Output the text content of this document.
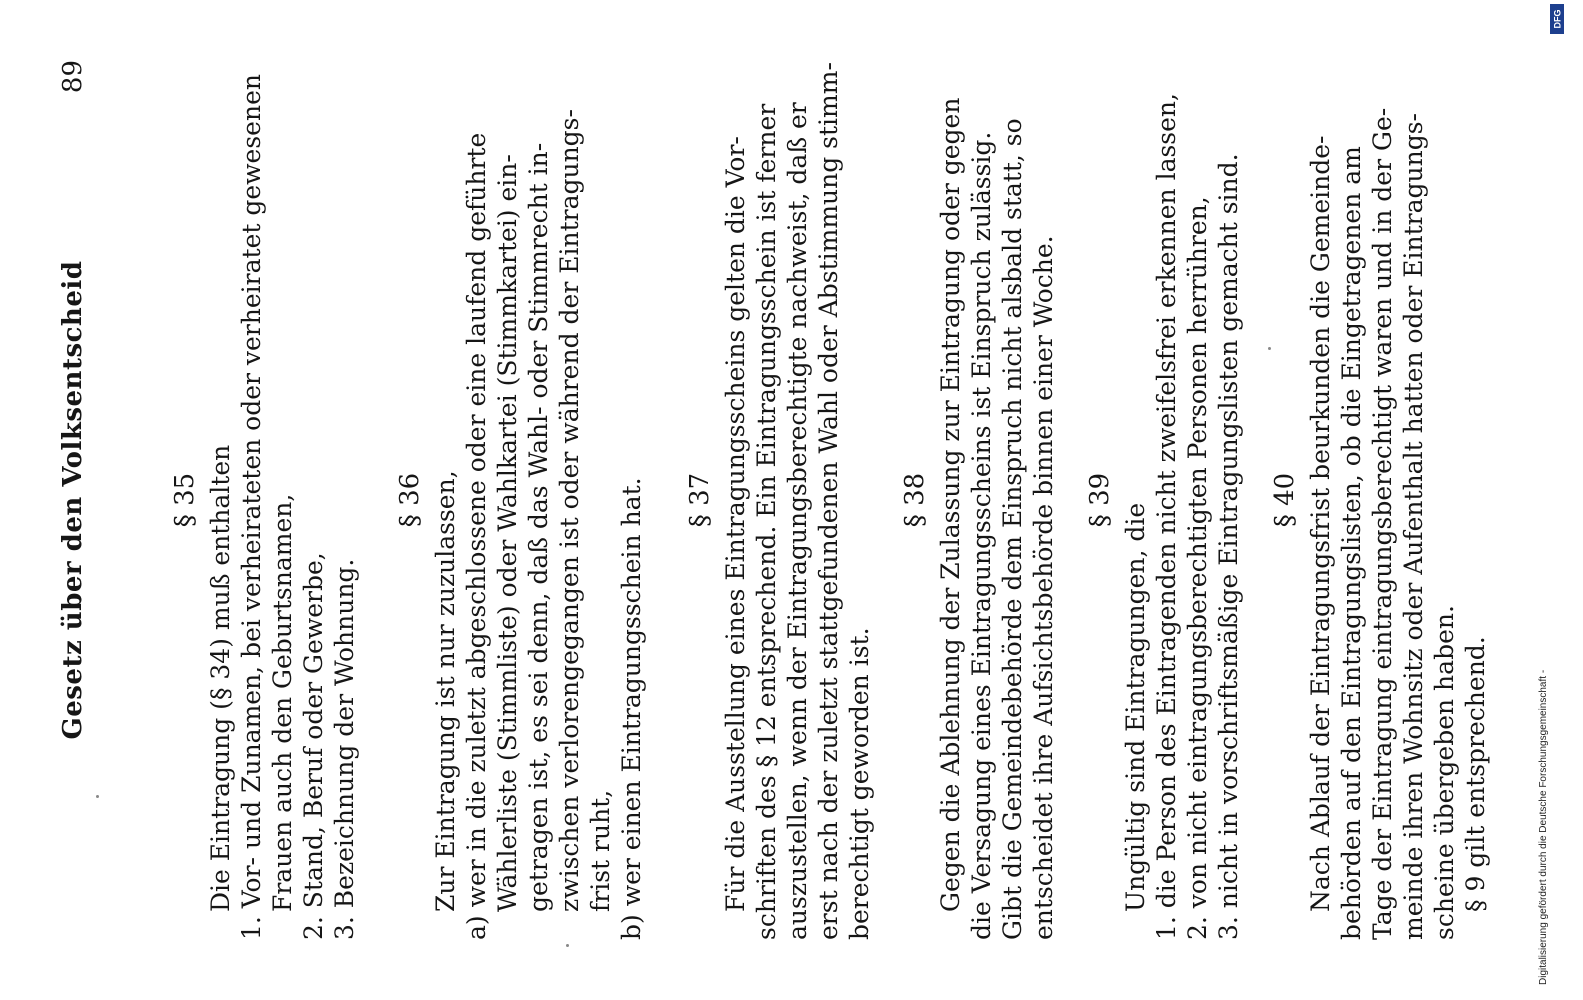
Gesetz über den Volksentscheid
89
§ 35 Die Eintragung (§ 34) muß enthalten 1. Vor- und Zunamen, bei verheirateten oder verheiratet gewesenen Frauen auch den Geburtsnamen, 2. Stand, Beruf oder Gewerbe, 3. Bezeichnung der Wohnung.
§ 36 Zur Eintragung ist nur zuzulassen, a) wer in die zuletzt abgeschlossene oder eine laufend geführte Wählerliste (Stimmliste) oder Wahlkartei (Stimmkartei) ein- getragen ist, es sei denn, daß das Wahl- oder Stimmrecht in- zwischen verlorengegangen ist oder während der Eintragungs- frist ruht, b) wer einen Eintragungsschein hat. § 37 Für die Ausstellung eines Eintragungsscheins gelten die Vor- schriften des § 12 entsprechend. Ein Eintragungsschein ist ferner auszustellen, wenn der Eintragungsberechtigte nachweist, daß er erst nach der zuletzt stattgefundenen Wahl oder Abstimmung stimm- berechtigt geworden ist.
§ 38 Gegen die Ablehnung der Zulassung zur Eintragung oder gegen die Versagung eines Eintragungsscheins ist Einspruch zulässig. Gibt die Gemeindebehörde dem Einspruch nicht alsbald statt, so entscheidet ihre Aufsichtsbehörde binnen einer Woche. § 39
Ungültig sind Eintragungen, die 1. die Person des Eintragenden nicht zweifelsfrei erkennen lassen, 2. von nicht eintragungsberechtigten Personen herrühren, 3. nicht in vorschriftsmäßige Eintragungslisten gemacht sind. § 40 Nach Ablauf der Eintragungsfrist beurkunden die Gemeinde- behörden auf den Eintragungslisten, ob die Eingetragenen am Tage der Eintragung eintragungsberechtigt waren und in der Ge- meinde ihren Wohnsitz oder Aufenthalt hatten oder Eintragungs- scheine übergeben haben. § 9 gilt entsprechend.
DFG
Digitalisierung gefördert durch die Deutsche Forschungsgemeinschaft -
